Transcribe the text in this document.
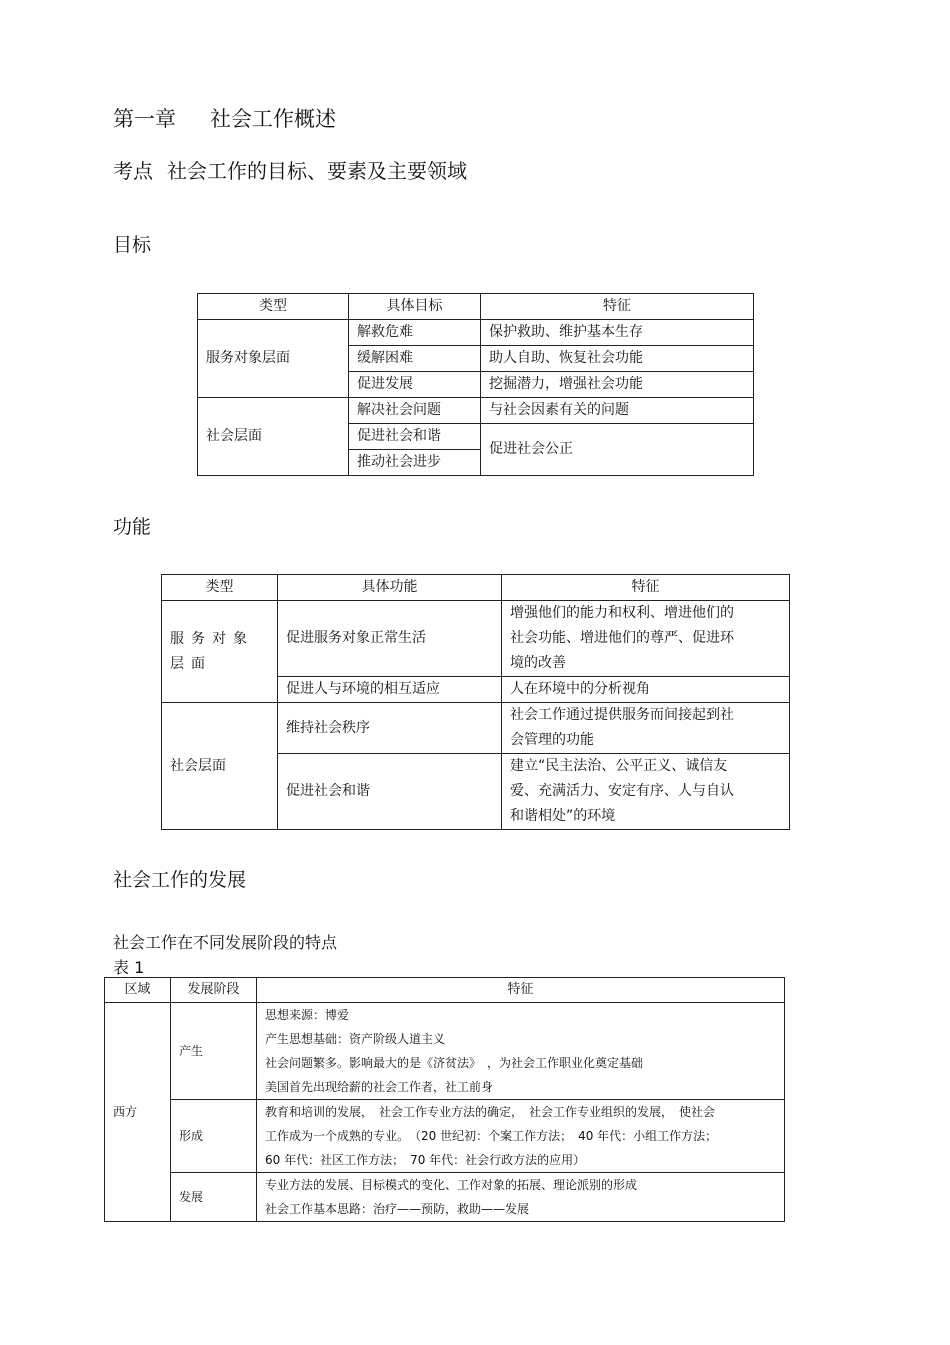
第一章 社会工作概述
考点 社会工作的目标、要素及主要领域
目标
类型	具体目标	特征
服务对象层面	解救危难	保护救助、维护基本生存
	缓解困难	助人自助、恢复社会功能
	促进发展	挖掘潜力，增强社会功能
社会层面	解决社会问题	与社会因素有关的问题
	促进社会和谐	促进社会公正
	推动社会进步	
功能
类型	具体功能	特征
服务对象层面	促进服务对象正常生活	增强他们的能力和权利、增进他们的
社会功能、增进他们的尊严、促进环
境的改善

	促进人与环境的相互适应	人在环境中的分析视角

社会层面	维持社会秩序	社会工作通过提供服务而间接起到社
会管理的功能

	促进社会和谐	建立“民主法治、公平正义、诚信友
爱、充满活力、安定有序、人与自认
和谐相处”的环境
社会工作的发展
社会工作在不同发展阶段的特点
表 1
区域	发展阶段	特征
西方	产生	思想来源：博爱
产生思想基础：资产阶级人道主义
社会问题繁多。影响最大的是《济贫法》　，为社会工作职业化奠定基础
美国首先出现给薪的社会工作者，社工前身

	形成	教育和培训的发展，　社会工作专业方法的确定，　社会工作专业组织的发展，　使社会
工作成为一个成熟的专业。　（20 世纪初：个案工作方法；　40 年代：小组工作方法；
60 年代：社区工作方法；　70 年代：社会行政方法的应用）

	发展	专业方法的发展、目标模式的变化、工作对象的拓展、理论派别的形成
社会工作基本思路：治疗——预防，救助——发展
